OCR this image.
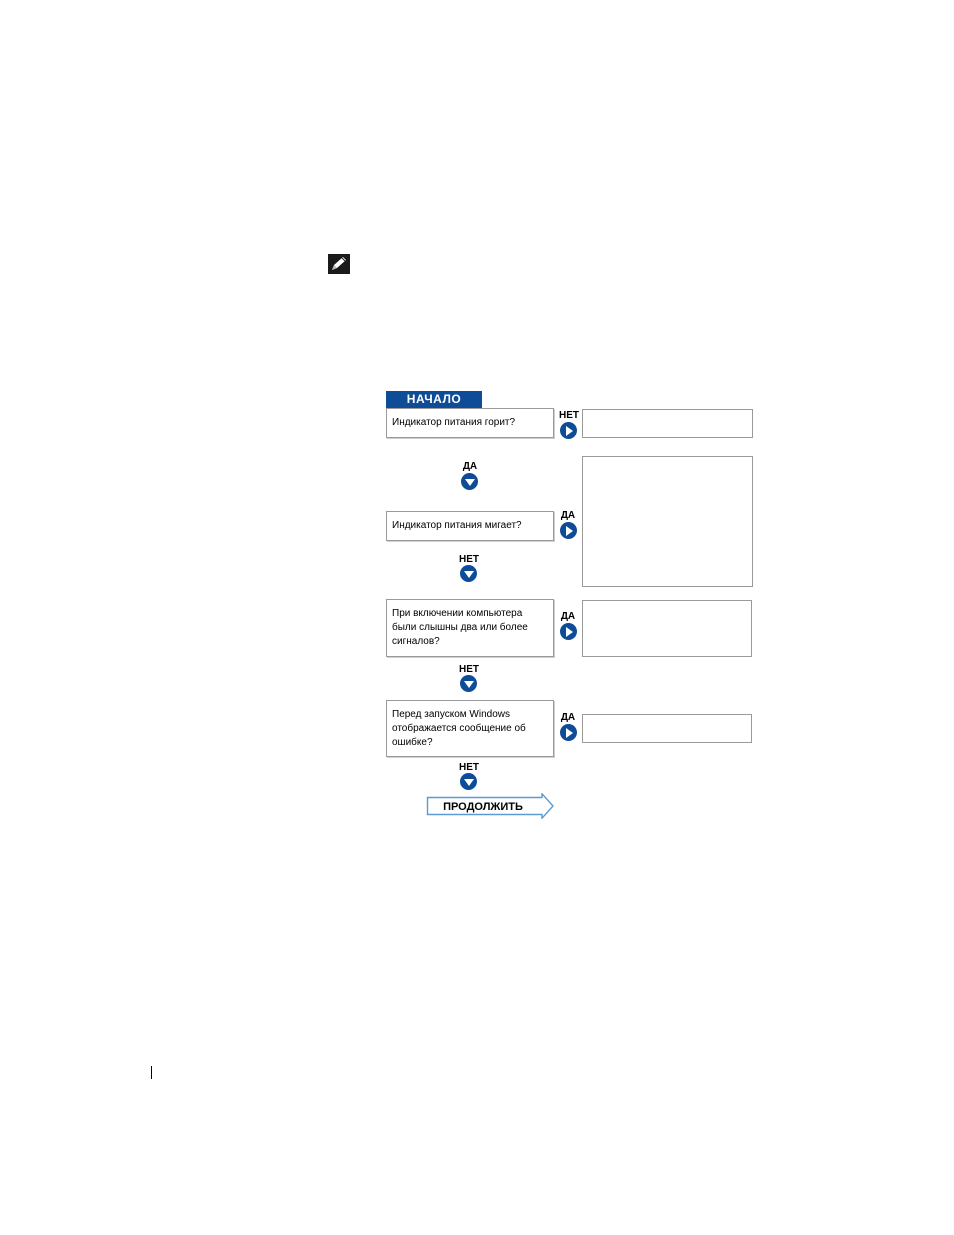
НАЧАЛО
Индикатор питания горит?
НЕТ
ДА
Индикатор питания мигает?
ДА
НЕТ
При включении компьютера были слышны два или более сигналов?
ДА
НЕТ
Перед запуском Windows отображается сообщение об ошибке?
ДА
НЕТ
ПРОДОЛЖИТЬ
